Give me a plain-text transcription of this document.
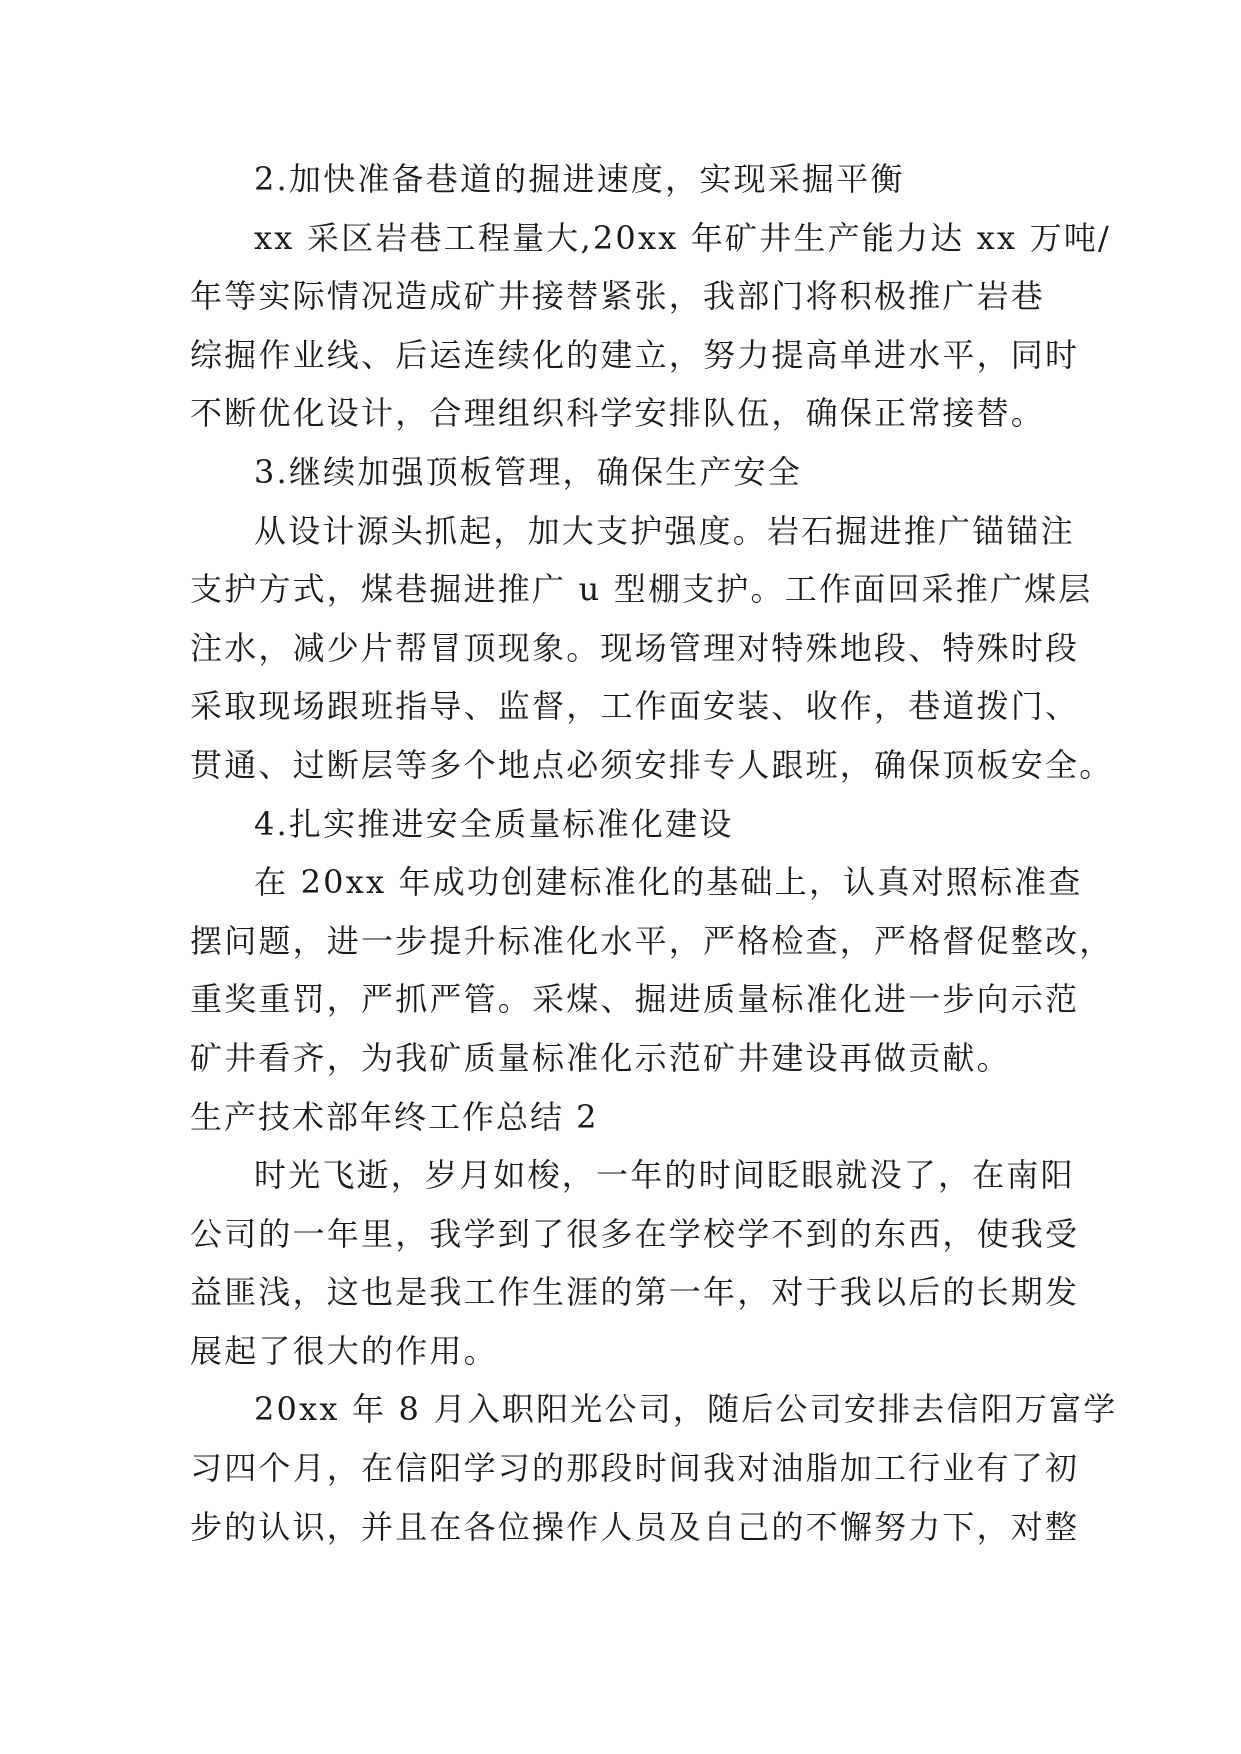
2.加快准备巷道的掘进速度，实现采掘平衡
xx 采区岩巷工程量大,20xx 年矿井生产能力达 xx 万吨/
年等实际情况造成矿井接替紧张，我部门将积极推广岩巷
综掘作业线、后运连续化的建立，努力提高单进水平，同时
不断优化设计，合理组织科学安排队伍，确保正常接替。
3.继续加强顶板管理，确保生产安全
从设计源头抓起，加大支护强度。岩石掘进推广锚锚注
支护方式，煤巷掘进推广 u 型棚支护。工作面回采推广煤层
注水，减少片帮冒顶现象。现场管理对特殊地段、特殊时段
采取现场跟班指导、监督，工作面安装、收作，巷道拨门、
贯通、过断层等多个地点必须安排专人跟班，确保顶板安全。
4.扎实推进安全质量标准化建设
在 20xx 年成功创建标准化的基础上，认真对照标准查
摆问题，进一步提升标准化水平，严格检查，严格督促整改，
重奖重罚，严抓严管。采煤、掘进质量标准化进一步向示范
矿井看齐，为我矿质量标准化示范矿井建设再做贡献。
生产技术部年终工作总结 2
时光飞逝，岁月如梭，一年的时间眨眼就没了，在南阳
公司的一年里，我学到了很多在学校学不到的东西，使我受
益匪浅，这也是我工作生涯的第一年，对于我以后的长期发
展起了很大的作用。
20xx 年 8 月入职阳光公司，随后公司安排去信阳万富学
习四个月，在信阳学习的那段时间我对油脂加工行业有了初
步的认识，并且在各位操作人员及自己的不懈努力下，对整
